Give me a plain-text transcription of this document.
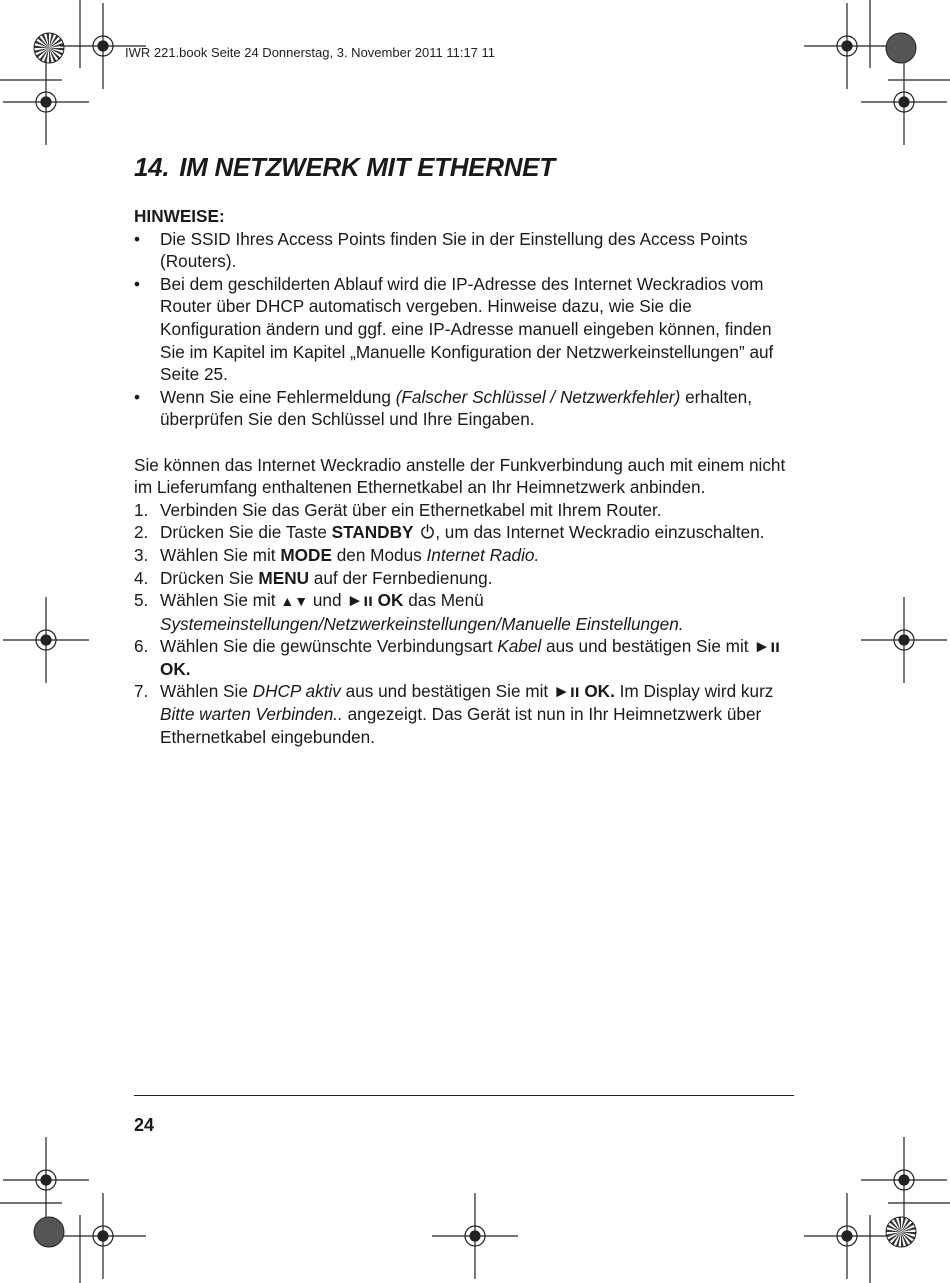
IWR 221.book Seite 24 Donnerstag, 3. November 2011 11:17 11
14. IM NETZWERK MIT ETHERNET

HINWEISE:

• Die SSID Ihres Access Points finden Sie in der Einstellung des Access Points (Routers).
• Bei dem geschilderten Ablauf wird die IP-Adresse des Internet Weckradios vom Router über DHCP automatisch vergeben. Hinweise dazu, wie Sie die Konfiguration ändern und ggf. eine IP-Adresse manuell eingeben können, finden Sie im Kapitel im Kapitel „Manuelle Konfiguration der Netzwerkeinstellungen” auf Seite 25.
• Wenn Sie eine Fehlermeldung (Falscher Schlüssel / Netzwerkfehler) erhalten, überprüfen Sie den Schlüssel und Ihre Eingaben.

Sie können das Internet Weckradio anstelle der Funkverbindung auch mit einem nicht im Lieferumfang enthaltenen Ethernetkabel an Ihr Heimnetzwerk anbinden.

1. Verbinden Sie das Gerät über ein Ethernetkabel mit Ihrem Router.
2. Drücken Sie die Taste STANDBY , um das Internet Weckradio einzuschalten.
3. Wählen Sie mit MODE den Modus Internet Radio.
4. Drücken Sie MENU auf der Fernbedienung.
5. Wählen Sie mit ▲▼ und ►ıı OK das Menü Systemeinstellungen/Netzwerkeinstellungen/Manuelle Einstellungen.
6. Wählen Sie die gewünschte Verbindungsart Kabel aus und bestätigen Sie mit ►ıı OK.
7. Wählen Sie DHCP aktiv aus und bestätigen Sie mit ►ıı OK. Im Display wird kurz Bitte warten Verbinden.. angezeigt. Das Gerät ist nun in Ihr Heimnetzwerk über Ethernetkabel eingebunden.
24
